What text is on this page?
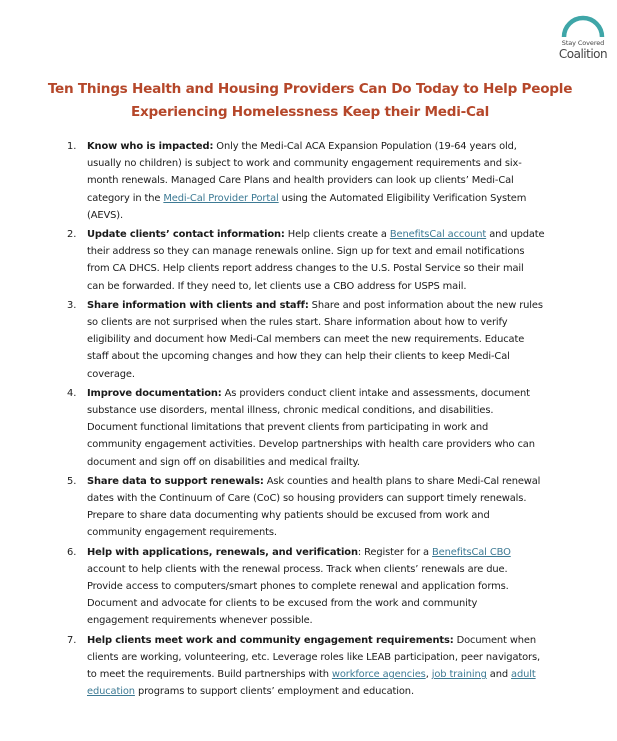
Stay Covered
Coalition
Ten Things Health and Housing Providers Can Do Today to Help People
Experiencing Homelessness Keep their Medi-Cal
1. Know who is impacted: Only the Medi-Cal ACA Expansion Population (19-64 years old,
usually no children) is subject to work and community engagement requirements and six-
month renewals. Managed Care Plans and health providers can look up clients’ Medi-Cal
category in the Medi-Cal Provider Portal using the Automated Eligibility Verification System
(AEVS).
2. Update clients’ contact information: Help clients create a BenefitsCal account and update
their address so they can manage renewals online. Sign up for text and email notifications
from CA DHCS. Help clients report address changes to the U.S. Postal Service so their mail
can be forwarded. If they need to, let clients use a CBO address for USPS mail.
3. Share information with clients and staff: Share and post information about the new rules
so clients are not surprised when the rules start. Share information about how to verify
eligibility and document how Medi-Cal members can meet the new requirements. Educate
staff about the upcoming changes and how they can help their clients to keep Medi-Cal
coverage.
4. Improve documentation: As providers conduct client intake and assessments, document
substance use disorders, mental illness, chronic medical conditions, and disabilities.
Document functional limitations that prevent clients from participating in work and
community engagement activities. Develop partnerships with health care providers who can
document and sign off on disabilities and medical frailty.
5. Share data to support renewals: Ask counties and health plans to share Medi-Cal renewal
dates with the Continuum of Care (CoC) so housing providers can support timely renewals.
Prepare to share data documenting why patients should be excused from work and
community engagement requirements.
6. Help with applications, renewals, and verification: Register for a BenefitsCal CBO
account to help clients with the renewal process. Track when clients’ renewals are due.
Provide access to computers/smart phones to complete renewal and application forms.
Document and advocate for clients to be excused from the work and community
engagement requirements whenever possible.
7. Help clients meet work and community engagement requirements: Document when
clients are working, volunteering, etc. Leverage roles like LEAB participation, peer navigators,
to meet the requirements. Build partnerships with workforce agencies, job training and adult
education programs to support clients’ employment and education.
